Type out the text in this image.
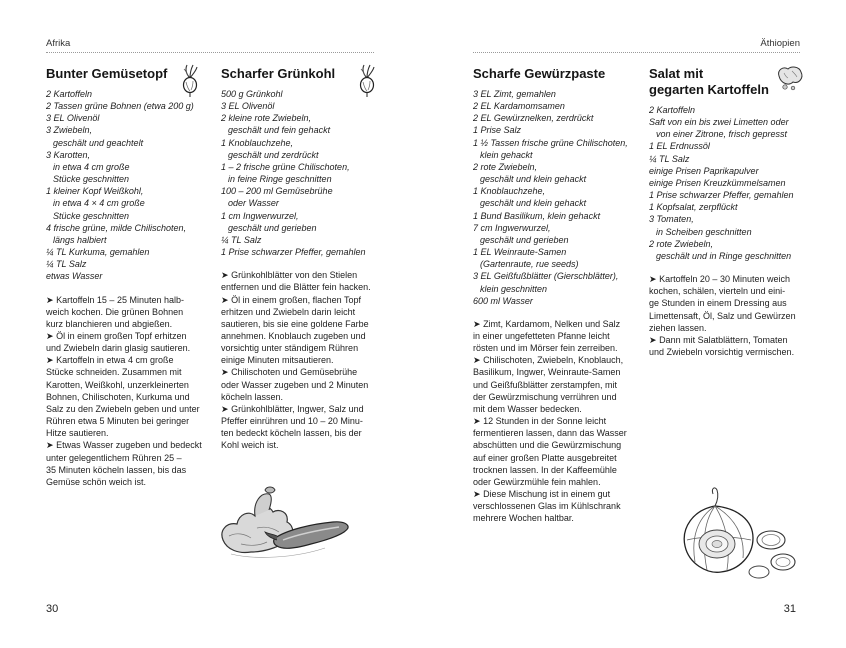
Afrika
Bunter Gemüsetopf
2 Kartoffeln
2 Tassen grüne Bohnen (etwa 200 g)
3 EL Olivenöl
3 Zwiebeln,
geschält und geachtelt
3 Karotten,
in etwa 4 cm große
Stücke geschnitten
1 kleiner Kopf Weißkohl,
in etwa 4 × 4 cm große
Stücke geschnitten
4 frische grüne, milde Chilischoten,
längs halbiert
¼ TL Kurkuma, gemahlen
¼ TL Salz
etwas Wasser
➤ Kartoffeln 15 – 25 Minuten halb-
weich kochen. Die grünen Bohnen
kurz blanchieren und abgießen.
➤ Öl in einem großen Topf erhitzen
und Zwiebeln darin glasig sautieren.
➤ Kartoffeln in etwa 4 cm große
Stücke schneiden. Zusammen mit
Karotten, Weißkohl, unzerkleinerten
Bohnen, Chilischoten, Kurkuma und
Salz zu den Zwiebeln geben und unter
Rühren etwa 5 Minuten bei geringer
Hitze sautieren.
➤ Etwas Wasser zugeben und bedeckt
unter gelegentlichem Rühren 25 –
35 Minuten köcheln lassen, bis das
Gemüse schön weich ist.
Scharfer Grünkohl
500 g Grünkohl
3 EL Olivenöl
2 kleine rote Zwiebeln,
geschält und fein gehackt
1 Knoblauchzehe,
geschält und zerdrückt
1 – 2 frische grüne Chilischoten,
in feine Ringe geschnitten
100 – 200 ml Gemüsebrühe
oder Wasser
1 cm Ingwerwurzel,
geschält und gerieben
¼ TL Salz
1 Prise schwarzer Pfeffer, gemahlen
➤ Grünkohlblätter von den Stielen
entfernen und die Blätter fein hacken.
➤ Öl in einem großen, flachen Topf
erhitzen und Zwiebeln darin leicht
sautieren, bis sie eine goldene Farbe
annehmen. Knoblauch zugeben und
vorsichtig unter ständigem Rühren
einige Minuten mitsautieren.
➤ Chilischoten und Gemüsebrühe
oder Wasser zugeben und 2 Minuten
köcheln lassen.
➤ Grünkohlblätter, Ingwer, Salz und
Pfeffer einrühren und 10 – 20 Minu-
ten bedeckt köcheln lassen, bis der
Kohl weich ist.
30
Äthiopien
Scharfe Gewürzpaste
3 EL Zimt, gemahlen
2 EL Kardamomsamen
2 EL Gewürznelken, zerdrückt
1 Prise Salz
1 ½ Tassen frische grüne Chilischoten,
klein gehackt
2 rote Zwiebeln,
geschält und klein gehackt
1 Knoblauchzehe,
geschält und klein gehackt
1 Bund Basilikum, klein gehackt
7 cm Ingwerwurzel,
geschält und gerieben
1 EL Weinraute-Samen
(Gartenraute, rue seeds)
3 EL Geißfußblätter (Gierschblätter),
klein geschnitten
600 ml Wasser
➤ Zimt, Kardamom, Nelken und Salz
in einer ungefetteten Pfanne leicht
rösten und im Mörser fein zerreiben.
➤ Chilischoten, Zwiebeln, Knoblauch,
Basilikum, Ingwer, Weinraute-Samen
und Geißfußblätter zerstampfen, mit
der Gewürzmischung verrühren und
mit dem Wasser bedecken.
➤ 12 Stunden in der Sonne leicht
fermentieren lassen, dann das Wasser
abschütten und die Gewürzmischung
auf einer großen Platte ausgebreitet
trocknen lassen. In der Kaffeemühle
oder Gewürzmühle fein mahlen.
➤ Diese Mischung ist in einem gut
verschlossenen Glas im Kühlschrank
mehrere Wochen haltbar.
Salat mit
gegarten Kartoffeln
2 Kartoffeln
Saft von ein bis zwei Limetten oder
von einer Zitrone, frisch gepresst
1 EL Erdnussöl
¼ TL Salz
einige Prisen Paprikapulver
einige Prisen Kreuzkümmelsamen
1 Prise schwarzer Pfeffer, gemahlen
1 Kopfsalat, zerpflückt
3 Tomaten,
in Scheiben geschnitten
2 rote Zwiebeln,
geschält und in Ringe geschnitten
➤ Kartoffeln 20 – 30 Minuten weich
kochen, schälen, vierteln und eini-
ge Stunden in einem Dressing aus
Limettensaft, Öl, Salz und Gewürzen
ziehen lassen.
➤ Dann mit Salatblättern, Tomaten
und Zwiebeln vorsichtig vermischen.
31
